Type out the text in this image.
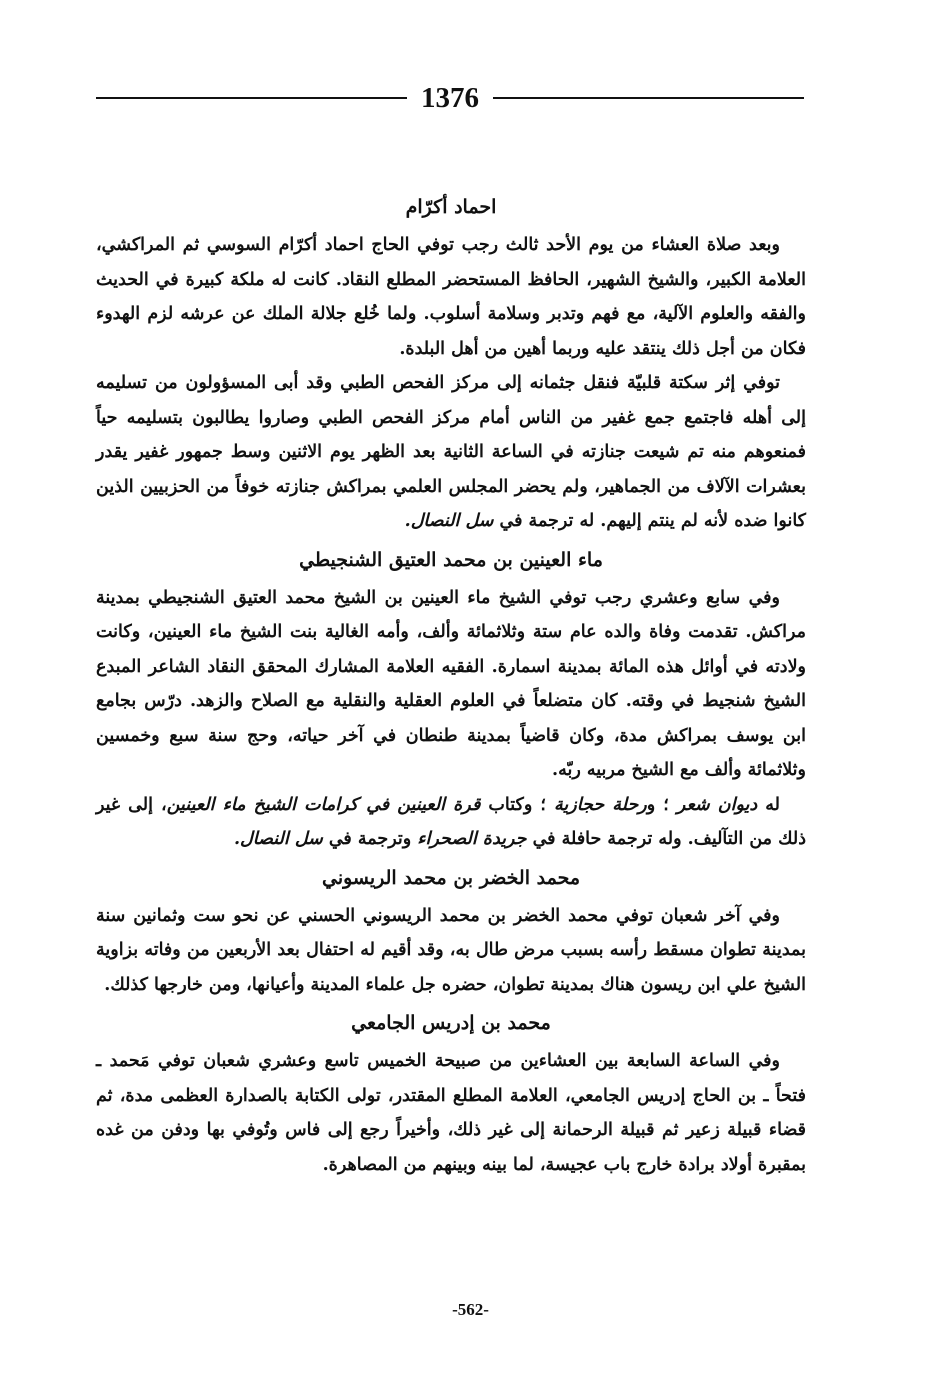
1376
احماد أكرّام

وبعد صلاة العشاء من يوم الأحد ثالث رجب توفي الحاج احماد أكرّام السوسي ثم المراكشي، العلامة الكبير، والشيخ الشهير، الحافظ المستحضر المطلع النقاد. كانت له ملكة كبيرة في الحديث والفقه والعلوم الآلية، مع فهم وتدبر وسلامة أسلوب. ولما خُلع جلالة الملك عن عرشه لزم الهدوء فكان من أجل ذلك ينتقد عليه وربما أهين من أهل البلدة.

توفي إثر سكتة قلبيّة فنقل جثمانه إلى مركز الفحص الطبي وقد أبى المسؤولون من تسليمه إلى أهله فاجتمع جمع غفير من الناس أمام مركز الفحص الطبي وصاروا يطالبون بتسليمه حياً فمنعوهم منه تم شيعت جنازته في الساعة الثانية بعد الظهر يوم الاثنين وسط جمهور غفير يقدر بعشرات الآلاف من الجماهير، ولم يحضر المجلس العلمي بمراكش جنازته خوفاً من الحزبيين الذين كانوا ضده لأنه لم ينتم إليهم. له ترجمة في سل النصال.

ماء العينين بن محمد العتيق الشنجيطي

وفي سابع وعشري رجب توفي الشيخ ماء العينين بن الشيخ محمد العتيق الشنجيطي بمدينة مراكش. تقدمت وفاة والده عام ستة وثلاثمائة وألف، وأمه الغالية بنت الشيخ ماء العينين، وكانت ولادته في أوائل هذه المائة بمدينة اسمارة. الفقيه العلامة المشارك المحقق النقاد الشاعر المبدع الشيخ شنجيط في وقته. كان متضلعاً في العلوم العقلية والنقلية مع الصلاح والزهد. درّس بجامع ابن يوسف بمراكش مدة، وكان قاضياً بمدينة طنطان في آخر حياته، وحج سنة سبع وخمسين وثلاثمائة وألف مع الشيخ مربيه ربّه.

له ديوان شعر ؛ ورحلة حجازية ؛ وكتاب قرة العينين في كرامات الشيخ ماء العينين، إلى غير ذلك من التآليف. وله ترجمة حافلة في جريدة الصحراء وترجمة في سل النصال.

محمد الخضر بن محمد الريسوني

وفي آخر شعبان توفي محمد الخضر بن محمد الريسوني الحسني عن نحو ست وثمانين سنة بمدينة تطوان مسقط رأسه بسبب مرض طال به، وقد أقيم له احتفال بعد الأربعين من وفاته بزاوية الشيخ علي ابن ريسون هناك بمدينة تطوان، حضره جل علماء المدينة وأعيانها، ومن خارجها كذلك.

محمد بن إدريس الجامعي

وفي الساعة السابعة بين العشاءين من صبيحة الخميس تاسع وعشري شعبان توفي مَحمد ـ فتحاً ـ بن الحاج إدريس الجامعي، العلامة المطلع المقتدر، تولى الكتابة بالصدارة العظمى مدة، ثم قضاء قبيلة زعير ثم قبيلة الرحمانة إلى غير ذلك، وأخيراً رجع إلى فاس وتُوفي بها ودفن من غده بمقبرة أولاد برادة خارج باب عجيسة، لما بينه وبينهم من المصاهرة.

-562-
